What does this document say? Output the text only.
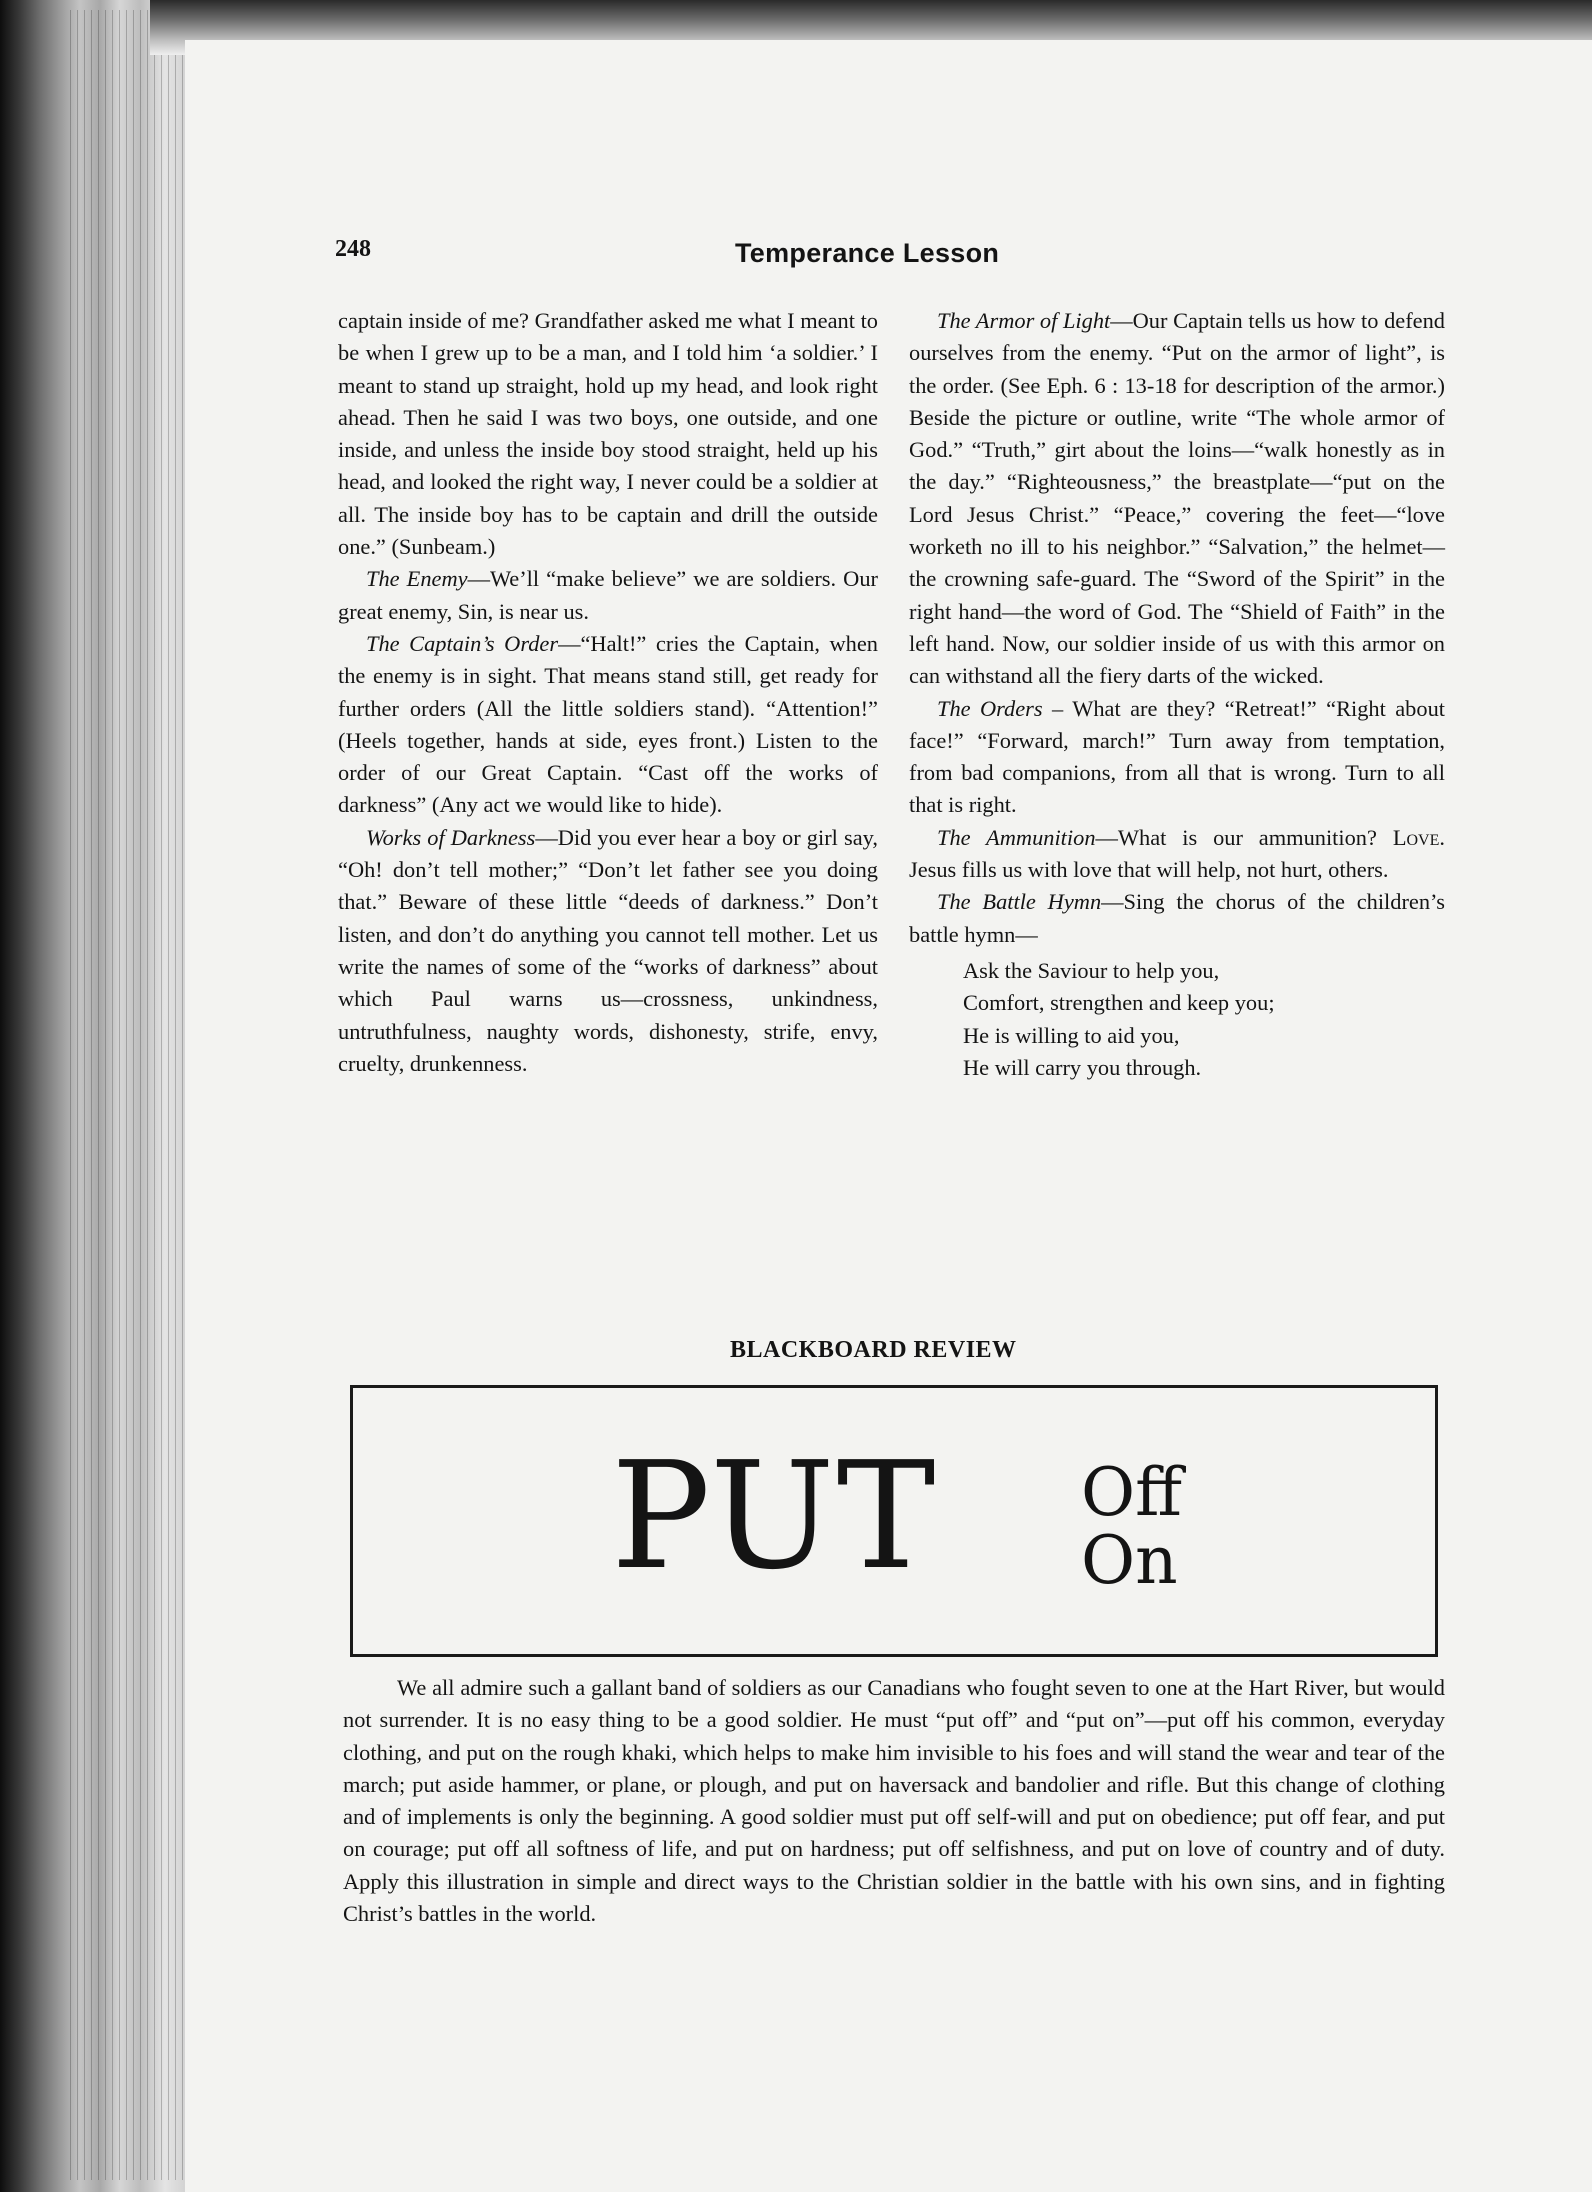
248	Temperance Lesson

captain inside of me? Grandfather asked me what I meant to be when I grew up to be a man, and I told him ‘a soldier.’ I meant to stand up straight, hold up my head, and look right ahead. Then he said I was two boys, one outside, and one inside, and unless the inside boy stood straight, held up his head, and looked the right way, I never could be a soldier at all. The inside boy has to be captain and drill the outside one.” (Sunbeam.)

The Enemy—We’ll “make believe” we are soldiers. Our great enemy, Sin, is near us.

The Captain’s Order—“Halt!” cries the Captain, when the enemy is in sight. That means stand still, get ready for further orders (All the little soldiers stand). “Attention!” (Heels together, hands at side, eyes front.) Listen to the order of our Great Captain. “Cast off the works of darkness” (Any act we would like to hide).

Works of Darkness—Did you ever hear a boy or girl say, “Oh! don’t tell mother;” “Don’t let father see you doing that.” Beware of these little “deeds of darkness.” Don’t listen, and don’t do anything you cannot tell mother. Let us write the names of some of the “works of darkness” about which Paul warns us—crossness, unkindness, untruthfulness, naughty words, dishonesty, strife, envy, cruelty, drunkenness.

The Armor of Light—Our Captain tells us how to defend ourselves from the enemy. “Put on the armor of light”, is the order. (See Eph. 6 : 13-18 for description of the armor.) Beside the picture or outline, write “The whole armor of God.” “Truth,” girt about the loins—“walk honestly as in the day.” “Righteousness,” the breastplate—“put on the Lord Jesus Christ.” “Peace,” covering the feet—“love worketh no ill to his neighbor.” “Salvation,” the helmet—the crowning safe-guard. The “Sword of the Spirit” in the right hand—the word of God. The “Shield of Faith” in the left hand. Now, our soldier inside of us with this armor on can withstand all the fiery darts of the wicked.

The Orders – What are they? “Retreat!” “Right about face!” “Forward, march!” Turn away from temptation, from bad companions, from all that is wrong. Turn to all that is right.

The Ammunition—What is our ammunition? Love. Jesus fills us with love that will help, not hurt, others.

The Battle Hymn—Sing the chorus of the children’s battle hymn—

Ask the Saviour to help you,
Comfort, strengthen and keep you;
He is willing to aid you,
He will carry you through.
BLACKBOARD REVIEW
PUT Off
On

We all admire such a gallant band of soldiers as our Canadians who fought seven to one at the Hart River, but would not surrender. It is no easy thing to be a good soldier. He must “put off” and “put on”—put off his common, everyday clothing, and put on the rough khaki, which helps to make him invisible to his foes and will stand the wear and tear of the march; put aside hammer, or plane, or plough, and put on haversack and bandolier and rifle. But this change of clothing and of implements is only the beginning. A good soldier must put off self-will and put on obedience; put off fear, and put on courage; put off all softness of life, and put on hardness; put off selfishness, and put on love of country and of duty. Apply this illustration in simple and direct ways to the Christian soldier in the battle with his own sins, and in fighting Christ’s battles in the world.
